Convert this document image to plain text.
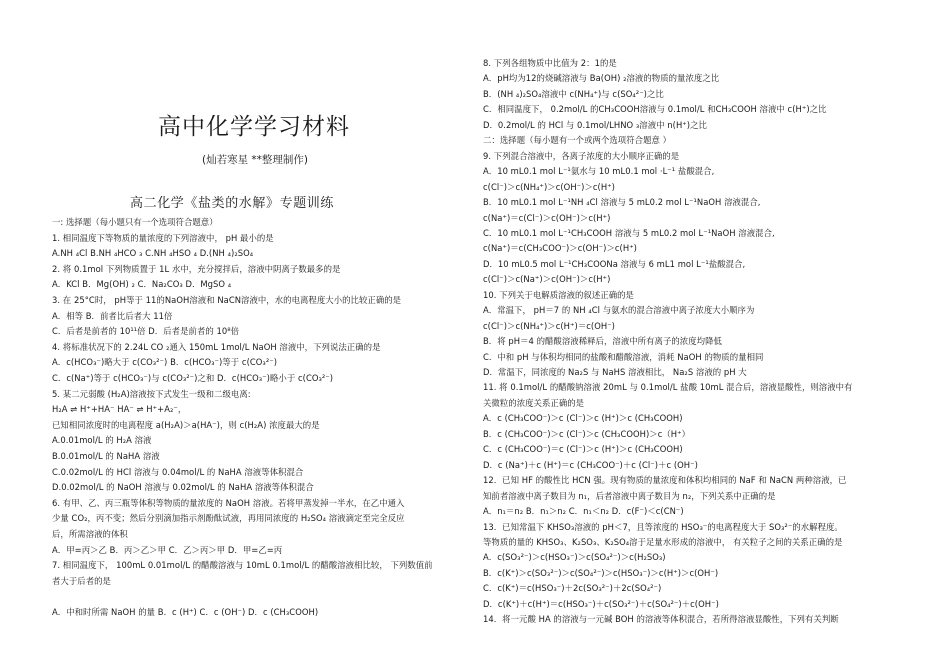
高中化学学习材料
(灿若寒星 **整理制作)
高二化学《盐类的水解》专题训练
一: 选择题（每小题只有一个选项符合题意）
1. 相同温度下等物质的量浓度的下列溶液中， pH 最小的是
A.NH ₄Cl B.NH ₄HCO ₃ C.NH ₄HSO ₄ D.(NH ₄)₂SO₄
2. 将 0.1mol 下列物质置于 1L 水中，充分搅拌后，溶液中阴离子数最多的是
A．KCl B．Mg(OH) ₂ C．Na₂CO₃ D．MgSO ₄
3. 在 25°C时， pH等于 11的NaOH溶液和 NaCN溶液中，水的电离程度大小的比较正确的是
A．相等 B．前者比后者大 11倍
C．后者是前者的 10¹¹倍 D．后者是前者的 10⁸倍
4. 将标准状况下的 2.24L CO ₂通入 150mL 1mol/L NaOH 溶液中，下列说法正确的是
A．c(HCO₃⁻)略大于 c(CO₃²⁻) B．c(HCO₃⁻)等于 c(CO₃²⁻)
C．c(Na⁺)等于 c(HCO₃⁻)与 c(CO₃²⁻)之和 D．c(HCO₃⁻)略小于 c(CO₃²⁻)
5. 某二元弱酸 (H₂A)溶液按下式发生一级和二级电离:
H₂A ⇌ H⁺+HA⁻ HA⁻ ⇌ H⁺+A₂⁻，
已知相同浓度时的电离程度 a(H₂A)＞a(HA⁻)，则 c(H₂A) 浓度最大的是
A.0.01mol/L 的 H₂A 溶液
B.0.01mol/L 的 NaHA 溶液
C.0.02mol/L 的 HCl 溶液与 0.04mol/L 的 NaHA 溶液等体积混合
D.0.02mol/L 的 NaOH 溶液与 0.02mol/L 的 NaHA 溶液等体积混合
6. 有甲、乙、丙三瓶等体积等物质的量浓度的 NaOH 溶液。若将甲蒸发掉一半水，在乙中通入
少量 CO₂，丙不变；然后分别滴加指示剂酚酞试液，再用同浓度的 H₂SO₄ 溶液滴定至完全反应
后，所需溶液的体积
A．甲=丙＞乙 B．丙＞乙＞甲 C．乙＞丙＞甲 D．甲=乙=丙
7. 相同温度下， 100mL 0.01mol/L 的醋酸溶液与 10mL 0.1mol/L 的醋酸溶液相比较， 下列数值前
者大于后者的是
A．中和时所需 NaOH 的量 B．c (H⁺) C．c (OH⁻) D．c (CH₃COOH)
8. 下列各组物质中比值为 2：1的是
A．pH均为12的烧碱溶液与 Ba(OH) ₂溶液的物质的量浓度之比
B．(NH ₄)₂SO₄溶液中 c(NH₄⁺)与 c(SO₄²⁻)之比
C．相同温度下， 0.2mol/L 的CH₃COOH溶液与 0.1mol/L 和CH₃COOH 溶液中 c(H⁺)之比
D．0.2mol/L 的 HCl 与 0.1mol/LHNO ₃溶液中 n(H⁺)之比
二：选择题（每小题有一个或两个选项符合题意 ）
9. 下列混合溶液中，各离子浓度的大小顺序正确的是
A．10 mL0.1 mol L⁻¹氨水与 10 mL0.1 mol ·L⁻¹ 盐酸混合,
c(Cl⁻)＞c(NH₄⁺)＞c(OH⁻)＞c(H⁺)
B．10 mL0.1 mol L⁻¹NH ₄Cl 溶液与 5 mL0.2 mol L⁻¹NaOH 溶液混合,
c(Na⁺)＝c(Cl⁻)＞c(OH⁻)＞c(H⁺)
C．10 mL0.1 mol L⁻¹CH₃COOH 溶液与 5 mL0.2 mol L⁻¹NaOH 溶液混合,
c(Na⁺)＝c(CH₃COO⁻)＞c(OH⁻)＞c(H⁺)
D．10 mL0.5 mol L⁻¹CH₃COONa 溶液与 6 mL1 mol L⁻¹盐酸混合,
c(Cl⁻)＞c(Na⁺)＞c(OH⁻)＞c(H⁺)
10. 下列关于电解质溶液的叙述正确的是
A．常温下， pH＝7 的 NH ₄Cl 与氨水的混合溶液中离子浓度大小顺序为
c(Cl⁻)＞c(NH₄⁺)＞c(H⁺)＝c(OH⁻)
B．将 pH＝4 的醋酸溶液稀释后，溶液中所有离子的浓度均降低
C．中和 pH 与体积均相同的盐酸和醋酸溶液，消耗 NaOH 的物质的量相同
D．常温下，同浓度的 Na₂S 与 NaHS 溶液相比， Na₂S 溶液的 pH 大
11. 将 0.1mol/L 的醋酸钠溶液 20mL 与 0.1mol/L 盐酸 10mL 混合后，溶液显酸性，则溶液中有
关微粒的浓度关系正确的是
A．c (CH₃COO⁻)＞c (Cl⁻)＞c (H⁺)＞c (CH₃COOH)
B．c (CH₃COO⁻)＞c (Cl⁻)＞c (CH₃COOH)＞c（H⁺）
C．c (CH₃COO⁻)＝c (Cl⁻)＞c (H⁺)＞c (CH₃COOH)
D．c (Na⁺)＋c (H⁺)＝c (CH₃COO⁻)＋c (Cl⁻)＋c (OH⁻)
12．已知 HF 的酸性比 HCN 强。现有物质的量浓度和体积均相同的 NaF 和 NaCN 两种溶液，已
知前者溶液中离子数目为 n₁，后者溶液中离子数目为 n₂，下列关系中正确的是
A．n₁＝n₂ B．n₁＞n₂ C．n₁＜n₂ D．c(F⁻)＜c(CN⁻)
13．已知常温下 KHSO₃溶液的 pH＜7，且等浓度的 HSO₃⁻的电离程度大于 SO₃²⁻的水解程度。
等物质的量的 KHSO₃、K₂SO₃、K₂SO₄溶于足量水形成的溶液中， 有关粒子之间的关系正确的是
A．c(SO₃²⁻)＞c(HSO₃⁻)＞c(SO₄²⁻)＞c(H₂SO₃)
B．c(K⁺)＞c(SO₃²⁻)＞c(SO₄²⁻)＞c(HSO₃⁻)＞c(H⁺)＞c(OH⁻)
C．c(K⁺)＝c(HSO₃⁻)＋2c(SO₃²⁻)＋2c(SO₄²⁻)
D．c(K⁺)＋c(H⁺)＝c(HSO₃⁻)＋c(SO₃²⁻)＋c(SO₄²⁻)＋c(OH⁻)
14．将一元酸 HA 的溶液与一元碱 BOH 的溶液等体积混合，若所得溶液显酸性，下列有关判断
